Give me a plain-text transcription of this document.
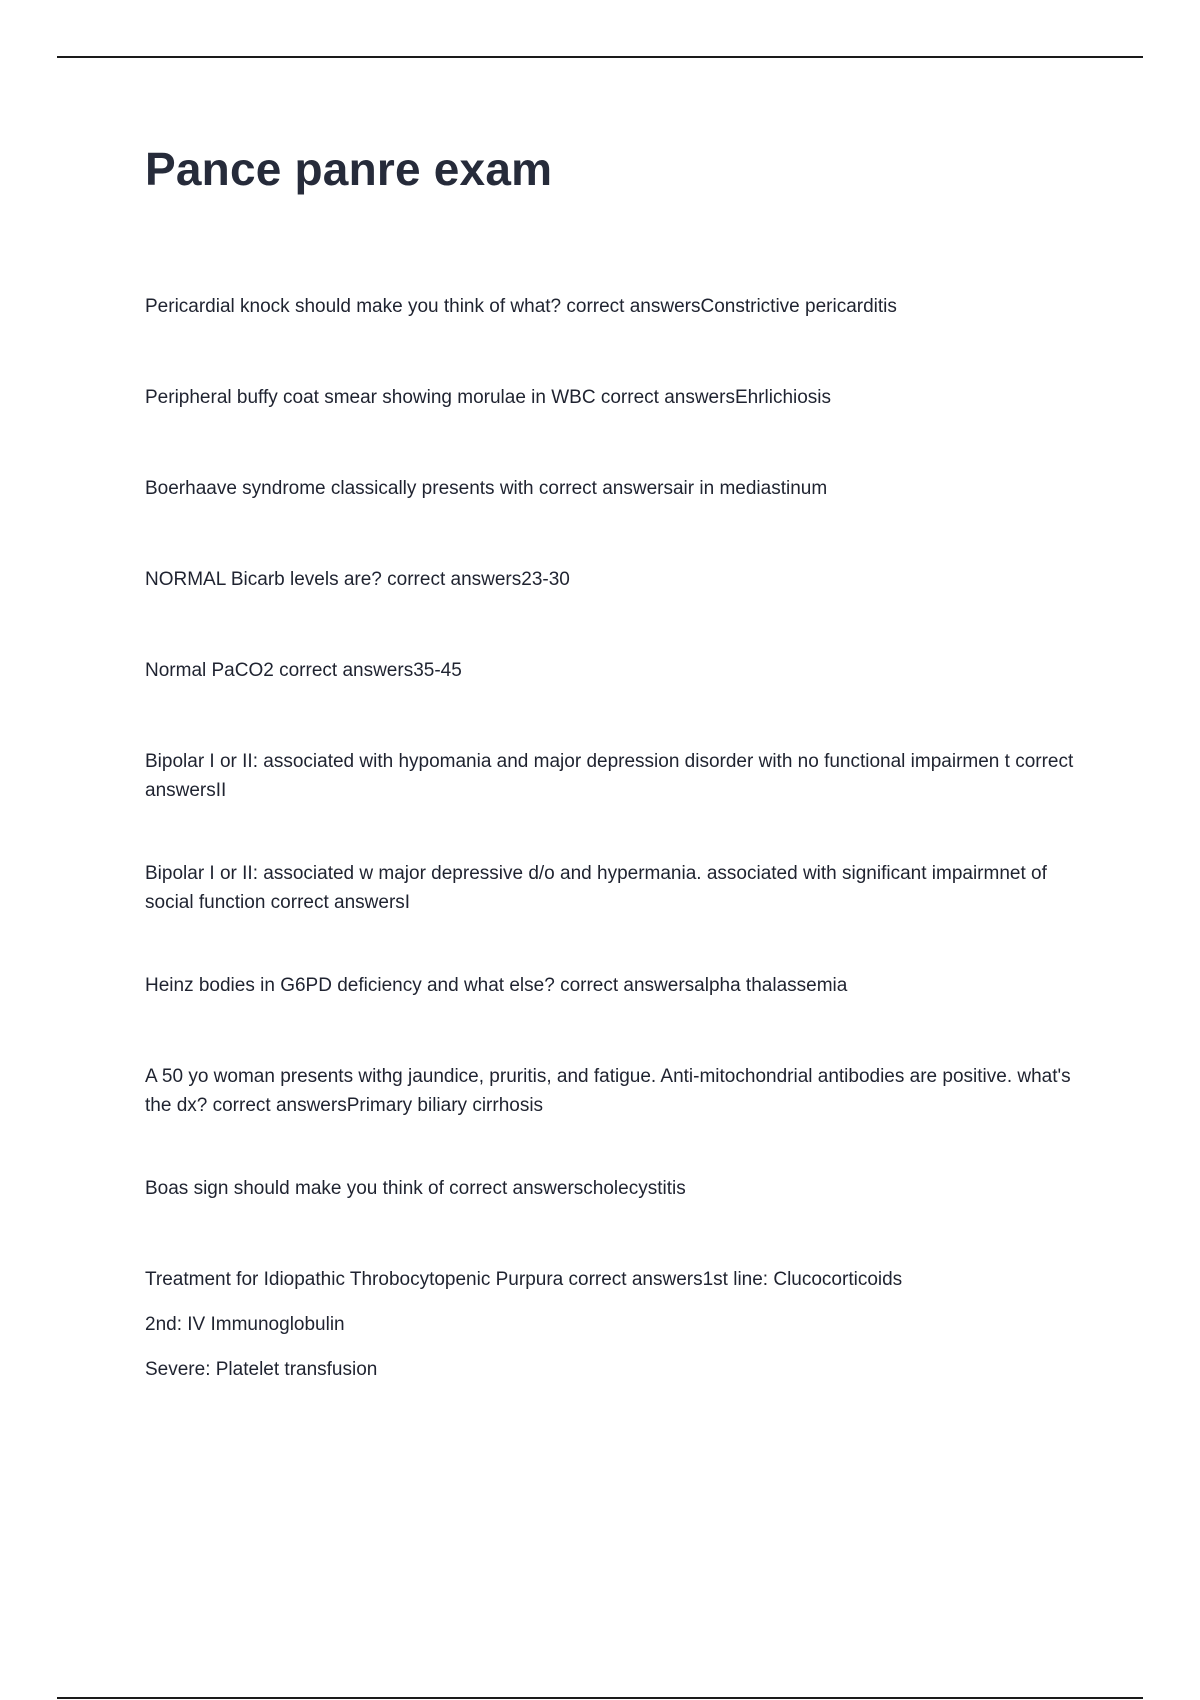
Pance panre exam

Pericardial knock should make you think of what? correct answersConstrictive pericarditis

Peripheral buffy coat smear showing morulae in WBC correct answersEhrlichiosis

Boerhaave syndrome classically presents with correct answersair in mediastinum

NORMAL Bicarb levels are? correct answers23-30

Normal PaCO2 correct answers35-45

Bipolar I or II: associated with hypomania and major depression disorder with no functional impairmen t correct answersII

Bipolar I or II: associated w major depressive d/o and hypermania. associated with significant impairmnet of social function correct answersI

Heinz bodies in G6PD deficiency and what else? correct answersalpha thalassemia

A 50 yo woman presents withg jaundice, pruritis, and fatigue. Anti-mitochondrial antibodies are positive. what's the dx? correct answersPrimary biliary cirrhosis

Boas sign should make you think of correct answerscholecystitis

Treatment for Idiopathic Throbocytopenic Purpura correct answers1st line: Clucocorticoids

2nd: IV Immunoglobulin

Severe: Platelet transfusion
